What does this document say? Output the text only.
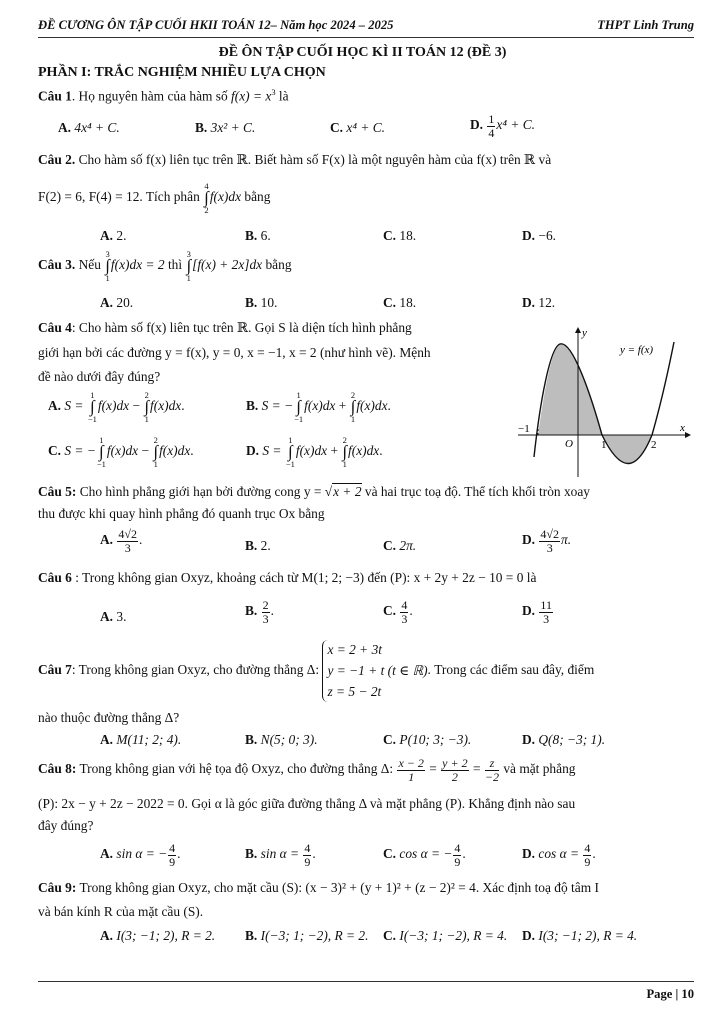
ĐỀ CƯƠNG ÔN TẬP CUỐI HKII TOÁN 12– Năm học 2024 – 2025	THPT Linh Trung
ĐỀ ÔN TẬP CUỐI HỌC KÌ II TOÁN 12 (ĐỀ 3)
PHẦN I: TRẮC NGHIỆM NHIỀU LỰA CHỌN
Câu 1. Họ nguyên hàm của hàm số $f(x) = x^3$ là
A. 4x⁴ + C.	B. 3x² + C.	C. x⁴ + C.	D. $\frac{1}{4} x^4 + C$.
Câu 2. Cho hàm số f(x) liên tục trên ℝ. Biết hàm số F(x) là một nguyên hàm của f(x) trên ℝ và
F(2) = 6, F(4) = 12. Tích phân 4
∫
2f(x)dx bằng
A. 2.	B. 6.	C. 18.	D. −6.
Câu 3. Nếu 3
∫
1f(x)dx = 2 thì 3
∫
1[f(x) + 2x]dx bằng
A. 20.	B. 10.	C. 18.	D. 12.
Câu 4: Cho hàm số f(x) liên tục trên ℝ. Gọi S là diện tích hình phẳng
giới hạn bởi các đường y = f(x), y = 0, x = −1, x = 2 (như hình vẽ). Mệnh
đề nào dưới đây đúng?
A. S = 1
∫
−1f(x)dx − 2
∫
1f(x)dx.	B. S = −1
∫
−1f(x)dx + 2
∫
1f(x)dx.
C. S = −1
∫
−1f(x)dx − 2
∫
1f(x)dx.	D. S = 1
∫
−1f(x)dx + 2
∫
1f(x)dx.
y
x
O
−1
1	2
y = f(x)
Câu 5: Cho hình phẳng giới hạn bởi đường cong y = √x + 2 và hai trục toạ độ. Thể tích khối tròn xoay
thu được khi quay hình phẳng đó quanh trục Ox bằng
A. $\frac{4√2}{3}$ .	B. 2.	C. 2π.	D. $\frac{4√2}{3} \pi$.
Câu 6 : Trong không gian Oxyz, khoảng cách từ M(1; 2; −3) đến (P): x + 2y + 2z − 10 = 0 là
A. 3.	B. $\frac{2}{3}$ .	C. $\frac{4}{3}$ .	D. $\frac{11}{3}$
Câu 7: Trong không gian Oxyz, cho đường thẳng Δ: x = 2 + 3t
y = −1 + t (t ∈ ℝ)
z = 5 − 2t. Trong các điểm sau đây, điểm
nào thuộc đường thẳng Δ?
A. M(11; 2; 4).	B. N(5; 0; 3).	C. P(10; 3; −3).	D. Q(8; −3; 1).
Câu 8: Trong không gian với hệ tọa độ Oxyz, cho đường thẳng Δ: $\frac{x - 2}{1} = \frac{y + 2}{2} = \frac{z}{-2}$ và mặt phẳng
(P): 2x − y + 2z − 2022 = 0. Gọi α là góc giữa đường thẳng Δ và mặt phẳng (P). Khẳng định nào sau
đây đúng?
A. sin α = − $\frac{4}{9}$ .	B. $\sin \alpha = \frac{4}{9}$ .	C. cos α = − $\frac{4}{9}$ .	D. $\cos \alpha = \frac{4}{9}$ .
Câu 9: Trong không gian Oxyz, cho mặt cầu (S): (x − 3)² + (y + 1)² + (z − 2)² = 4. Xác định toạ độ tâm I
và bán kính R của mặt cầu (S).
A. I(3; −1; 2), R = 2. B. I(−3; 1; −2), R = 2. C. I(−3; 1; −2), R = 4. D. I(3; −1; 2), R = 4.
Page | 10
